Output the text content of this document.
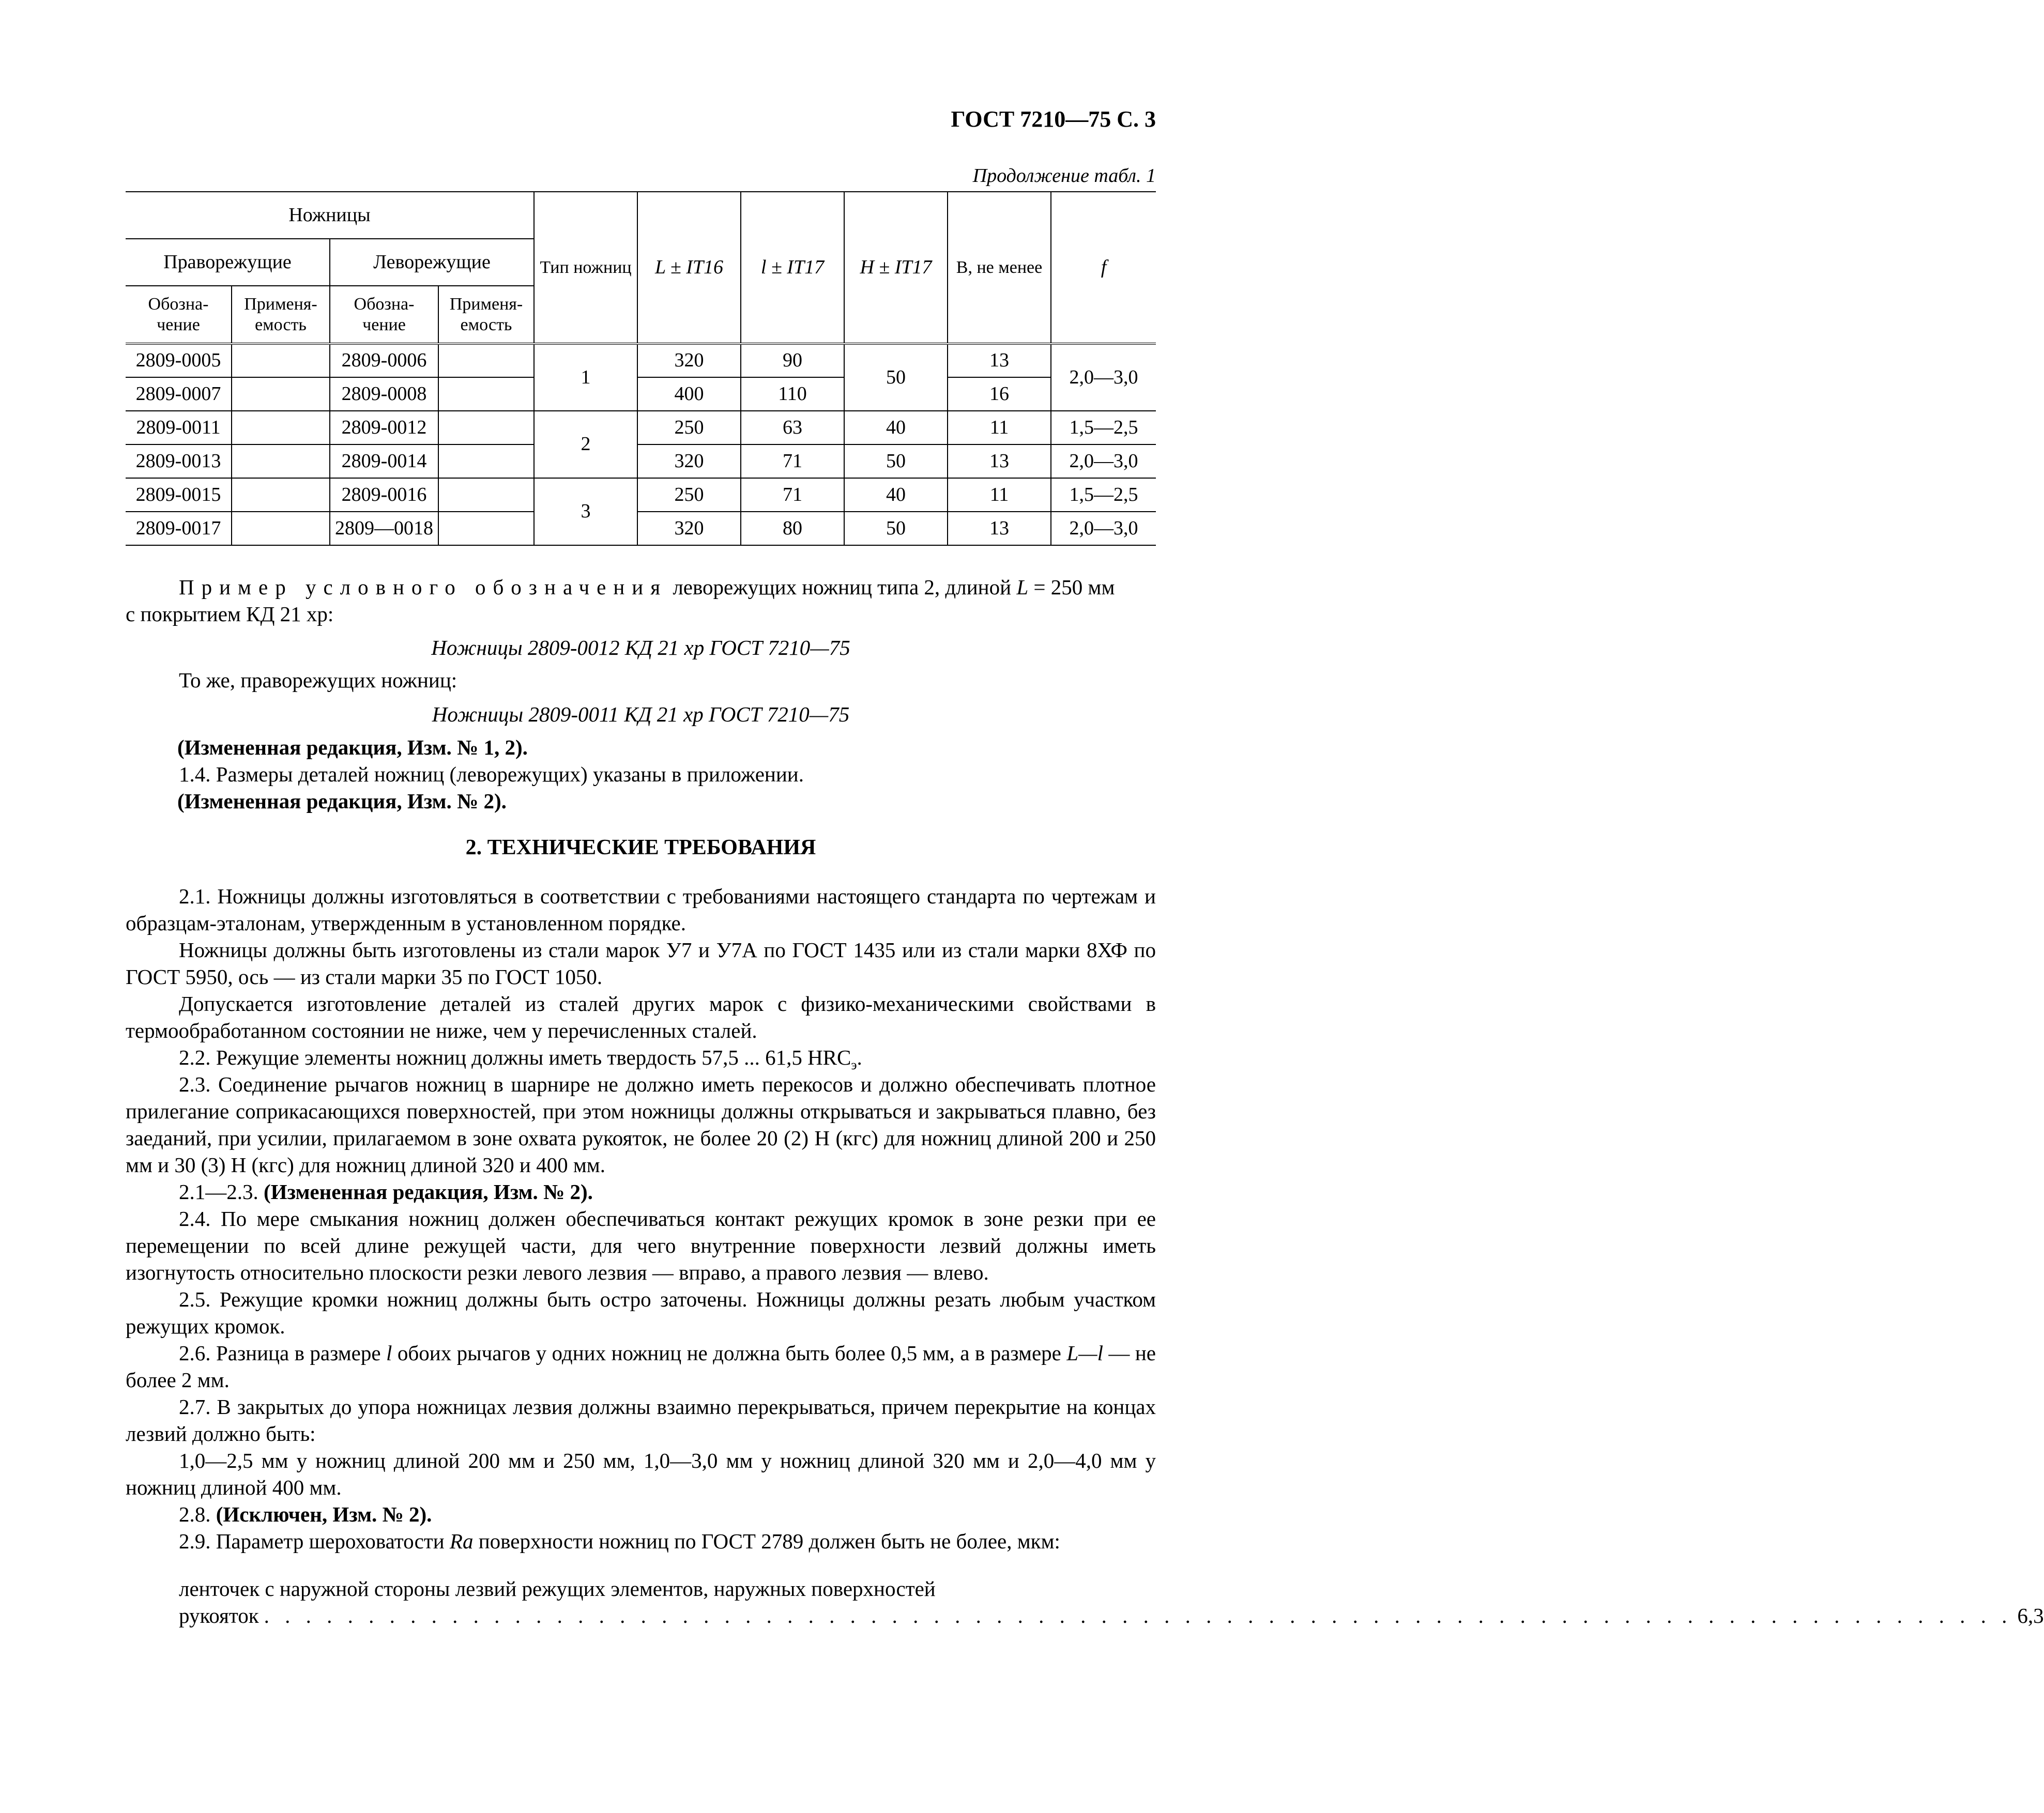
ГОСТ 7210—75 С. 3
Продолжение табл. 1
Ножницы				Тип ножниц	L ± IT16	l ± IT17	H ± IT17	B, не менее	f
Праворежущие		Леворежущие							
Обозна-чение	Применя-емость	Обозна-чение	Применя-емость						
2809-0005		2809-0006		1	320	90	50	13	2,0—3,0
2809-0007		2809-0008			400	110		16	
2809-0011		2809-0012		2	250	63	40	11	1,5—2,5
2809-0013		2809-0014			320	71	50	13	2,0—3,0
2809-0015		2809-0016		3	250	71	40	11	1,5—2,5
2809-0017		2809—0018			320	80	50	13	2,0—3,0
Пример условного обозначения леворежущих ножниц типа 2, длиной L = 250 мм
с покрытием КД 21 хр:
Ножницы 2809-0012 КД 21 хр ГОСТ 7210—75
То же, праворежущих ножниц:
Ножницы 2809-0011 КД 21 хр ГОСТ 7210—75
(Измененная редакция, Изм. № 1, 2).
1.4. Размеры деталей ножниц (леворежущих) указаны в приложении.
(Измененная редакция, Изм. № 2).
2. ТЕХНИЧЕСКИЕ ТРЕБОВАНИЯ
2.1. Ножницы должны изготовляться в соответствии с требованиями настоящего стандарта по чертежам и образцам-эталонам, утвержденным в установленном порядке.
Ножницы должны быть изготовлены из стали марок У7 и У7А по ГОСТ 1435 или из стали марки 8ХФ по ГОСТ 5950, ось — из стали марки 35 по ГОСТ 1050.
Допускается изготовление деталей из сталей других марок с физико-механическими свойствами в термообработанном состоянии не ниже, чем у перечисленных сталей.
2.2. Режущие элементы ножниц должны иметь твердость 57,5 ... 61,5 $HRC_э$.
2.3. Соединение рычагов ножниц в шарнире не должно иметь перекосов и должно обеспечивать плотное прилегание соприкасающихся поверхностей, при этом ножницы должны открываться и закрываться плавно, без заеданий, при усилии, прилагаемом в зоне охвата рукояток, не более 20 (2) Н (кгс) для ножниц длиной 200 и 250 мм и 30 (3) Н (кгс) для ножниц длиной 320 и 400 мм.
2.1—2.3. (Измененная редакция, Изм. № 2).
2.4. По мере смыкания ножниц должен обеспечиваться контакт режущих кромок в зоне резки при ее перемещении по всей длине режущей части, для чего внутренние поверхности лезвий должны иметь изогнутость относительно плоскости резки левого лезвия — вправо, а правого лезвия — влево.
2.5. Режущие кромки ножниц должны быть остро заточены. Ножницы должны резать любым участком режущих кромок.
2.6. Разница в размере l обоих рычагов у одних ножниц не должна быть более 0,5 мм, а в размере L—l — не более 2 мм.
2.7. В закрытых до упора ножницах лезвия должны взаимно перекрываться, причем перекрытие на концах лезвий должно быть:
1,0—2,5 мм у ножниц длиной 200 мм и 250 мм, 1,0—3,0 мм у ножниц длиной 320 мм и 2,0—4,0 мм у ножниц длиной 400 мм.
2.8. (Исключен, Изм. № 2).
2.9. Параметр шероховатости Ra поверхности ножниц по ГОСТ 2789 должен быть не более, мкм:
ленточек с наружной стороны лезвий режущих элементов, наружных поверхностей
рукояток . . . . . . . . . . . . . . . . . . . . . . . . . . . . . . . . . . . . . . . . . . . . . . . . . . . . . . . . . . . . . . . . . . . . . . . . . . . . . . . . . . . . 6,3
